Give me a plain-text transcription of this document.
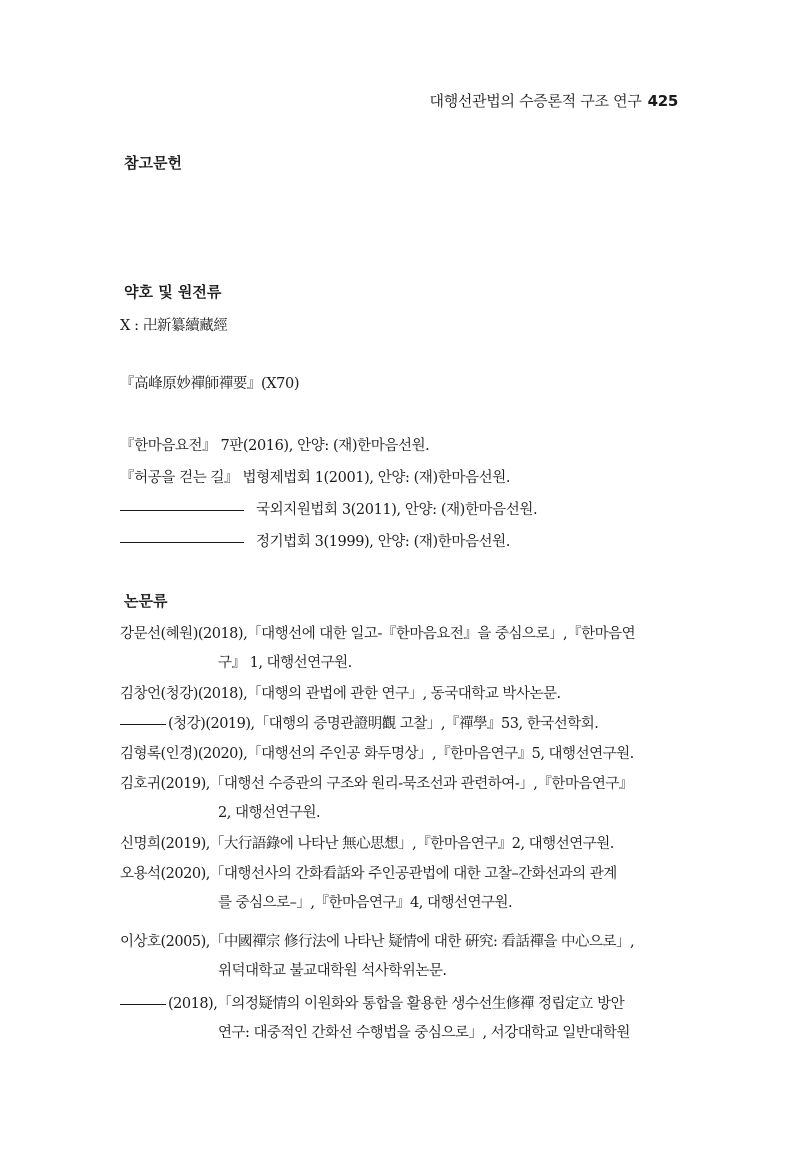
대행선관법의 수증론적 구조 연구 425
참고문헌
약호 및 원전류
X : 卍新纂續藏經
『高峰原妙禪師禪要』(X70)
『한마음요전』 7판(2016), 안양: (재)한마음선원.
『허공을 걷는 길』 법형제법회 1(2001), 안양: (재)한마음선원.
국외지원법회 3(2011), 안양: (재)한마음선원.
정기법회 3(1999), 안양: (재)한마음선원.
논문류
강문선(혜원)(2018),「대행선에 대한 일고-『한마음요전』을 중심으로」,『한마음연
구』 1, 대행선연구원.
김창언(청강)(2018),「대행의 관법에 관한 연구」, 동국대학교 박사논문.
(청강)(2019),「대행의 증명관證明觀 고찰」,『禪學』53, 한국선학회.
김형록(인경)(2020),「대행선의 주인공 화두명상」,『한마음연구』5, 대행선연구원.
김호귀(2019),「대행선 수증관의 구조와 원리-묵조선과 관련하여-」,『한마음연구』
2, 대행선연구원.
신명희(2019),「大行語錄에 나타난 無心思想」,『한마음연구』2, 대행선연구원.
오용석(2020),「대행선사의 간화看話와 주인공관법에 대한 고찰–간화선과의 관계
를 중심으로–」,『한마음연구』4, 대행선연구원.
이상호(2005),「中國禪宗 修行法에 나타난 疑情에 대한 硏究: 看話禪을 中心으로」,
위덕대학교 불교대학원 석사학위논문.
(2018),「의정疑情의 이원화와 통합을 활용한 생수선生修禪 정립定立 방안
연구: 대중적인 간화선 수행법을 중심으로」, 서강대학교 일반대학원
